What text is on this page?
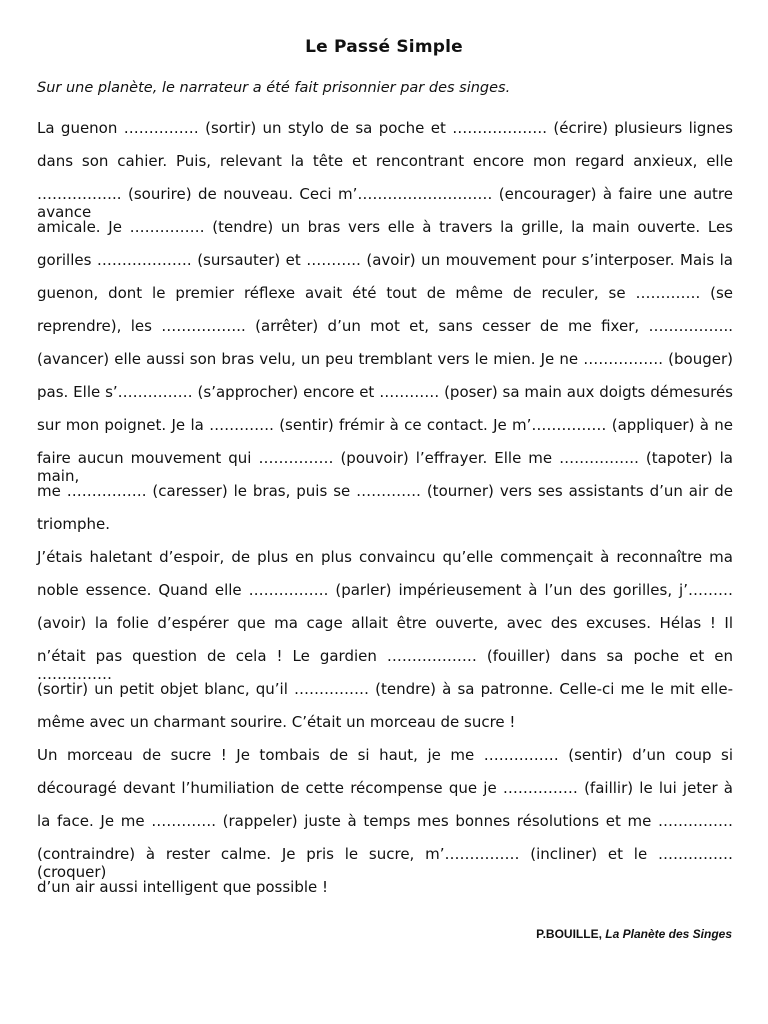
Le Passé Simple
Sur une planète, le narrateur a été fait prisonnier par des singes.
La guenon …………… (sortir) un stylo de sa poche et ………………. (écrire) plusieurs lignes
dans son cahier. Puis, relevant la tête et rencontrant encore mon regard anxieux, elle
…………….. (sourire) de nouveau. Ceci m’……………………… (encourager) à faire une autre avance
amicale. Je …………… (tendre) un bras vers elle à travers la grille, la main ouverte. Les
gorilles ………………. (sursauter) et ……….. (avoir) un mouvement pour s’interposer. Mais la
guenon, dont le premier réflexe avait été tout de même de reculer, se …………. (se
reprendre), les …………….. (arrêter) d’un mot et, sans cesser de me fixer, ……………..
(avancer) elle aussi son bras velu, un peu tremblant vers le mien. Je ne ……………. (bouger)
pas. Elle s’…………… (s’approcher) encore et ………… (poser) sa main aux doigts démesurés
sur mon poignet. Je la …………. (sentir) frémir à ce contact. Je m’…………… (appliquer) à ne
faire aucun mouvement qui …………… (pouvoir) l’effrayer. Elle me ……………. (tapoter) la main,
me ……………. (caresser) le bras, puis se …………. (tourner) vers ses assistants d’un air de
triomphe.
J’étais haletant d’espoir, de plus en plus convaincu qu’elle commençait à reconnaître ma
noble essence. Quand elle ……………. (parler) impérieusement à l’un des gorilles, j’………
(avoir) la folie d’espérer que ma cage allait être ouverte, avec des excuses. Hélas ! Il
n’était pas question de cela ! Le gardien ……………… (fouiller) dans sa poche et en ……………
(sortir) un petit objet blanc, qu’il …………… (tendre) à sa patronne. Celle-ci me le mit elle-
même avec un charmant sourire. C’était un morceau de sucre !
Un morceau de sucre ! Je tombais de si haut, je me …………… (sentir) d’un coup si
découragé devant l’humiliation de cette récompense que je …………… (faillir) le lui jeter à
la face. Je me …………. (rappeler) juste à temps mes bonnes résolutions et me ……………
(contraindre) à rester calme. Je pris le sucre, m’…………… (incliner) et le …………… (croquer)
d’un air aussi intelligent que possible !
P.BOUILLE, La Planète des Singes
